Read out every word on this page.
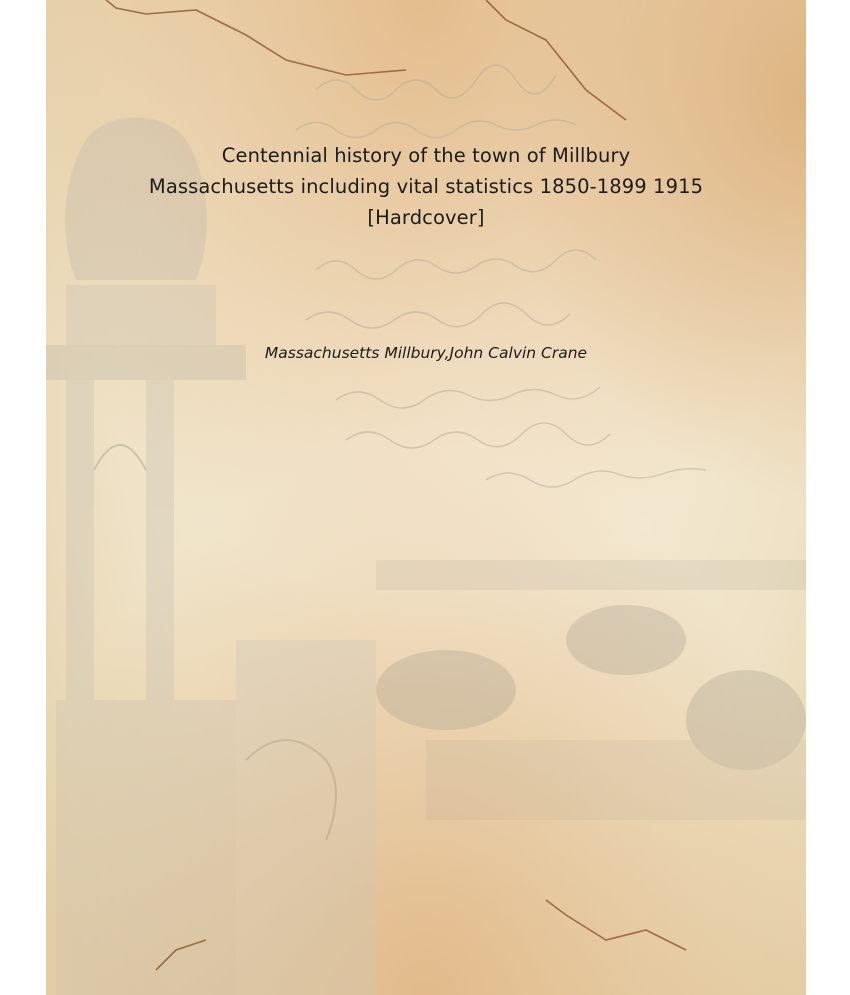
Centennial history of the town of Millbury
Massachusetts including vital statistics 1850-1899 1915
[Hardcover]
Massachusetts Millbury,John Calvin Crane
